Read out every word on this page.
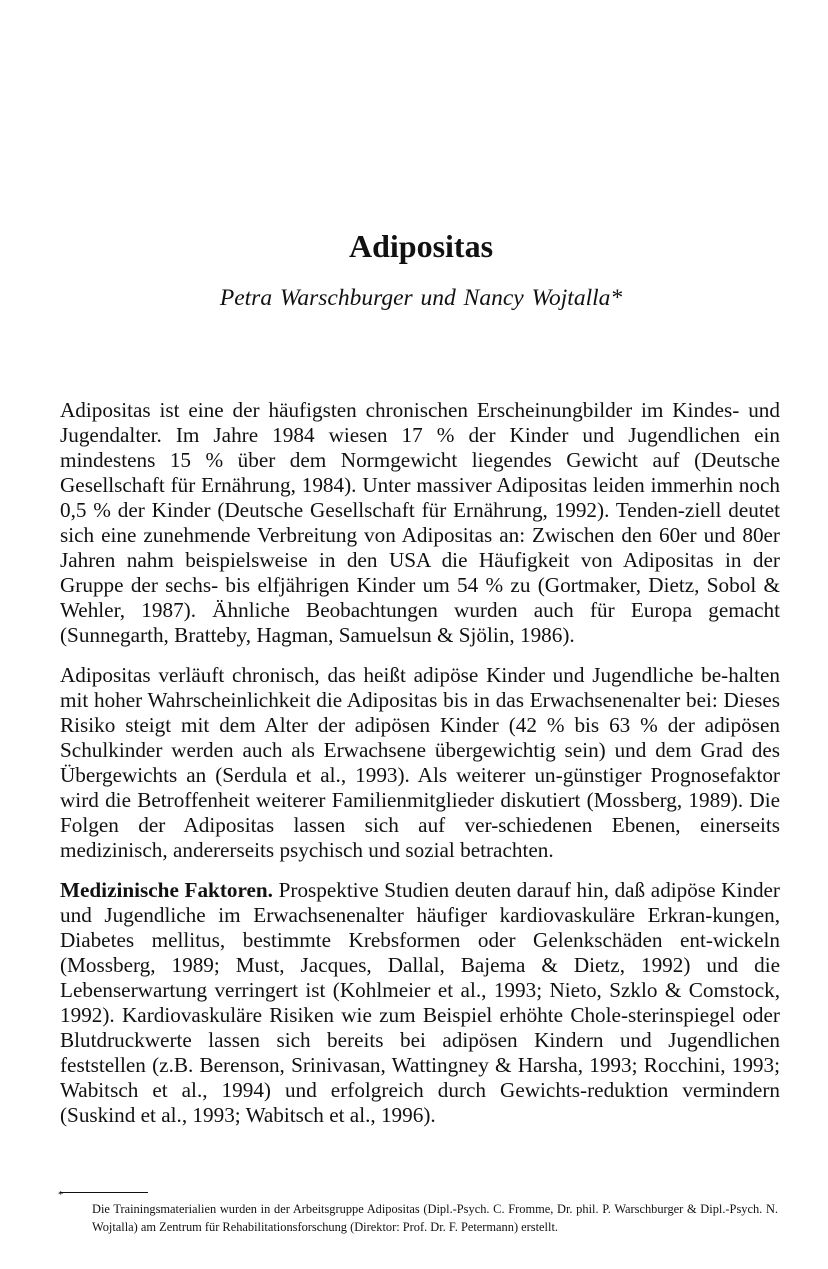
Adipositas

Petra Warschburger und Nancy Wojtalla*

Adipositas ist eine der häufigsten chronischen Erscheinungbilder im Kindes- und Jugendalter. Im Jahre 1984 wiesen 17 % der Kinder und Jugendlichen ein mindestens 15 % über dem Normgewicht liegendes Gewicht auf (Deutsche Gesellschaft für Ernährung, 1984). Unter massiver Adipositas leiden immerhin noch 0,5 % der Kinder (Deutsche Gesellschaft für Ernährung, 1992). Tenden-ziell deutet sich eine zunehmende Verbreitung von Adipositas an: Zwischen den 60er und 80er Jahren nahm beispielsweise in den USA die Häufigkeit von Adipositas in der Gruppe der sechs- bis elfjährigen Kinder um 54 % zu (Gortmaker, Dietz, Sobol & Wehler, 1987). Ähnliche Beobachtungen wurden auch für Europa gemacht (Sunnegarth, Bratteby, Hagman, Samuelsun & Sjölin, 1986).

Adipositas verläuft chronisch, das heißt adipöse Kinder und Jugendliche be-halten mit hoher Wahrscheinlichkeit die Adipositas bis in das Erwachsenenalter bei: Dieses Risiko steigt mit dem Alter der adipösen Kinder (42 % bis 63 % der adipösen Schulkinder werden auch als Erwachsene übergewichtig sein) und dem Grad des Übergewichts an (Serdula et al., 1993). Als weiterer un-günstiger Prognosefaktor wird die Betroffenheit weiterer Familienmitglieder diskutiert (Mossberg, 1989). Die Folgen der Adipositas lassen sich auf ver-schiedenen Ebenen, einerseits medizinisch, andererseits psychisch und sozial betrachten.

Medizinische Faktoren. Prospektive Studien deuten darauf hin, daß adipöse Kinder und Jugendliche im Erwachsenenalter häufiger kardiovaskuläre Erkran-kungen, Diabetes mellitus, bestimmte Krebsformen oder Gelenkschäden ent-wickeln (Mossberg, 1989; Must, Jacques, Dallal, Bajema & Dietz, 1992) und die Lebenserwartung verringert ist (Kohlmeier et al., 1993; Nieto, Szklo & Comstock, 1992). Kardiovaskuläre Risiken wie zum Beispiel erhöhte Chole-sterinspiegel oder Blutdruckwerte lassen sich bereits bei adipösen Kindern und Jugendlichen feststellen (z.B. Berenson, Srinivasan, Wattingney & Harsha, 1993; Rocchini, 1993; Wabitsch et al., 1994) und erfolgreich durch Gewichts-reduktion vermindern (Suskind et al., 1993; Wabitsch et al., 1996).

*

Die Trainingsmaterialien wurden in der Arbeitsgruppe Adipositas (Dipl.-Psych. C. Fromme, Dr. phil. P. Warschburger & Dipl.-Psych. N. Wojtalla) am Zentrum für Rehabilitationsforschung (Direktor: Prof. Dr. F. Petermann) erstellt.
